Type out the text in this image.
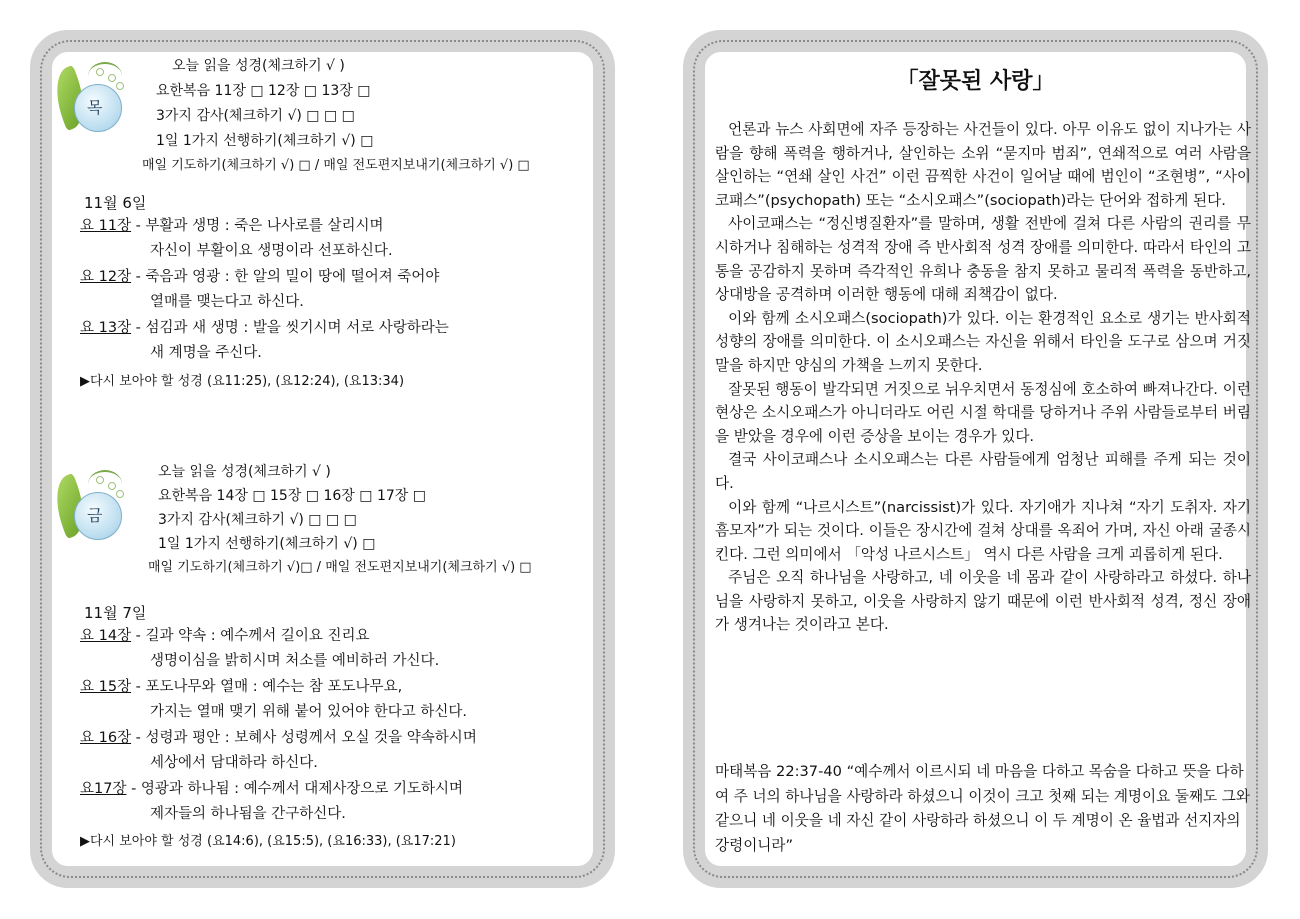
목
오늘 읽을 성경(체크하기 √ )
요한복음 11장 □ 12장 □ 13장 □
3가지 감사(체크하기 √) □ □ □
1일 1가지 선행하기(체크하기 √) □
매일 기도하기(체크하기 √) □ / 매일 전도편지보내기(체크하기 √) □
11월 6일
요 11장 - 부활과 생명 : 죽은 나사로를 살리시며
자신이 부활이요 생명이라 선포하신다.
요 12장 - 죽음과 영광 : 한 알의 밀이 땅에 떨어져 죽어야
열매를 맺는다고 하신다.
요 13장 - 섬김과 새 생명 : 발을 씻기시며 서로 사랑하라는
새 계명을 주신다.
▶다시 보아야 할 성경 (요11:25), (요12:24), (요13:34)
금
오늘 읽을 성경(체크하기 √ )
요한복음 14장 □ 15장 □ 16장 □ 17장 □
3가지 감사(체크하기 √) □ □ □
1일 1가지 선행하기(체크하기 √) □
매일 기도하기(체크하기 √)□ / 매일 전도편지보내기(체크하기 √) □
11월 7일
요 14장 - 길과 약속 : 예수께서 길이요 진리요
생명이심을 밝히시며 처소를 예비하러 가신다.
요 15장 - 포도나무와 열매 : 예수는 참 포도나무요,
가지는 열매 맺기 위해 붙어 있어야 한다고 하신다.
요 16장 - 성령과 평안 : 보혜사 성령께서 오실 것을 약속하시며
세상에서 담대하라 하신다.
요17장 - 영광과 하나됨 : 예수께서 대제사장으로 기도하시며
제자들의 하나됨을 간구하신다.
▶다시 보아야 할 성경 (요14:6), (요15:5), (요16:33), (요17:21)
「잘못된 사랑」

언론과 뉴스 사회면에 자주 등장하는 사건들이 있다. 아무 이유도 없이 지나가는 사람을 향해 폭력을 행하거나, 살인하는 소위 “묻지마 범죄”, 연쇄적으로 여러 사람을 살인하는 “연쇄 살인 사건” 이런 끔찍한 사건이 일어날 때에 범인이 “조현병”, “사이코패스”(psychopath) 또는 “소시오패스”(sociopath)라는 단어와 접하게 된다.

사이코패스는 “정신병질환자”를 말하며, 생활 전반에 걸쳐 다른 사람의 권리를 무시하거나 침해하는 성격적 장애 즉 반사회적 성격 장애를 의미한다. 따라서 타인의 고통을 공감하지 못하며 즉각적인 유희나 충동을 참지 못하고 물리적 폭력을 동반하고, 상대방을 공격하며 이러한 행동에 대해 죄책감이 없다.

이와 함께 소시오패스(sociopath)가 있다. 이는 환경적인 요소로 생기는 반사회적 성향의 장애를 의미한다. 이 소시오패스는 자신을 위해서 타인을 도구로 삼으며 거짓말을 하지만 양심의 가책을 느끼지 못한다.

잘못된 행동이 발각되면 거짓으로 뉘우치면서 동정심에 호소하여 빠져나간다. 이런 현상은 소시오패스가 아니더라도 어린 시절 학대를 당하거나 주위 사람들로부터 버림을 받았을 경우에 이런 증상을 보이는 경우가 있다.

결국 사이코패스나 소시오패스는 다른 사람들에게 엄청난 피해를 주게 되는 것이다.

이와 함께 “나르시스트”(narcissist)가 있다. 자기애가 지나쳐 “자기 도취자. 자기 흠모자”가 되는 것이다. 이들은 장시간에 걸쳐 상대를 옥죄어 가며, 자신 아래 굴종시킨다. 그런 의미에서 「악성 나르시스트」 역시 다른 사람을 크게 괴롭히게 된다.

주님은 오직 하나님을 사랑하고, 네 이웃을 네 몸과 같이 사랑하라고 하셨다. 하나님을 사랑하지 못하고, 이웃을 사랑하지 않기 때문에 이런 반사회적 성격, 정신 장애가 생겨나는 것이라고 본다.

마태복음 22:37-40 “예수께서 이르시되 네 마음을 다하고 목숨을 다하고 뜻을 다하여 주 너의 하나님을 사랑하라 하셨으니 이것이 크고 첫째 되는 계명이요 둘째도 그와 같으니 네 이웃을 네 자신 같이 사랑하라 하셨으니 이 두 계명이 온 율법과 선지자의 강령이니라”
